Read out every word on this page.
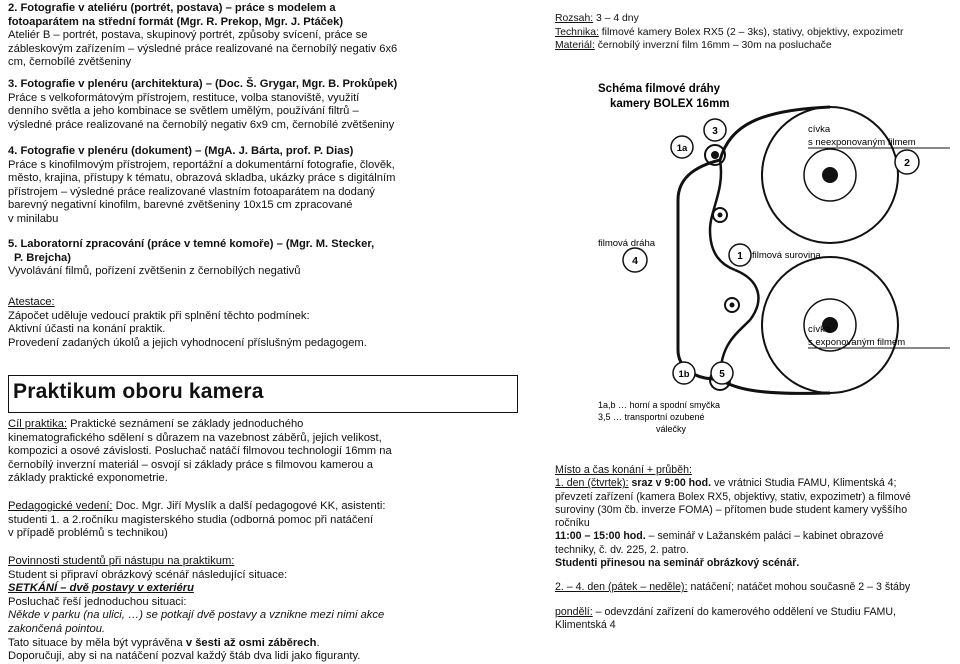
2. Fotografie v ateliéru (portrét, postava) – práce s modelem a

fotoaparátem na střední formát (Mgr. R. Prekop, Mgr. J. Ptáček)

Ateliér B – portrét, postava, skupinový portrét, způsoby svícení, práce se

zábleskovým zařízením – výsledné práce realizované na černobílý negativ 6x6

cm, černobílé zvětšeniny

3. Fotografie v plenéru (architektura) – (Doc. Š. Grygar, Mgr. B. Prokůpek)

Práce s velkoformátovým přístrojem, restituce, volba stanoviště, využití

denního světla a jeho kombinace se světlem umělým, používání filtrů –

výsledné práce realizované na černobílý negativ 6x9 cm, černobílé zvětšeniny

4. Fotografie v plenéru (dokument) – (MgA. J. Bárta, prof. P. Dias)

Práce s kinofilmovým přístrojem, reportážní a dokumentární fotografie, člověk,

město, krajina, přístupy k tématu, obrazová skladba, ukázky práce s digitálním

přístrojem – výsledné práce realizované vlastním fotoaparátem na dodaný

barevný negativní kinofilm, barevné zvětšeniny 10x15 cm zpracované

v minilabu

5. Laboratorní zpracování (práce v temné komoře) – (Mgr. M. Stecker,

P. Brejcha)

Vyvolávání filmů, pořízení zvětšenin z černobílých negativů

Atestace:

Zápočet uděluje vedoucí praktik při splnění těchto podmínek:

Aktivní účasti na konání praktik.

Provedení zadaných úkolů a jejich vyhodnocení příslušným pedagogem.

Praktikum oboru kamera

Cíl praktika: Praktické seznámení se základy jednoduchého

kinematografického sdělení s důrazem na vazebnost záběrů, jejich velikost,

kompozici a osové závislosti. Posluchač natáčí filmovou technologií 16mm na

černobílý inverzní materiál – osvojí si základy práce s filmovou kamerou a

základy praktické exponometrie.

Pedagogické vedení: Doc. Mgr. Jiří Myslík a další pedagogové KK, asistenti:

studenti 1. a 2.ročníku magisterského studia (odborná pomoc při natáčení

v případě problémů s technikou)

Povinnosti studentů při nástupu na praktikum:

Student si připraví obrázkový scénář následující situace:

SETKÁNÍ – dvě postavy v exteriéru

Posluchač řeší jednoduchou situaci:

Někde v parku (na ulici, …) se potkají dvě postavy a vznikne mezi nimi akce

zakončená pointou.

Tato situace by měla být vyprávěna v šesti až osmi záběrech.

Doporučuji, aby si na natáčení pozval každý štáb dva lidi jako figuranty.

Rozsah: 3 – 4 dny

Technika: filmové kamery Bolex RX5 (2 – 3ks), stativy, objektivy, expozimetr

Materiál: černobílý inverzní film 16mm – 30m na posluchače

Schéma filmové dráhy
kamery BOLEX 16mm
1a
3
2
4	1
1b	5
cívka
s neexponovaným filmem
filmová dráha
filmová surovina
cívka
s exponovaným filmem
1a,b … horní a spodní smyčka
3,5 … transportní ozubené
válečky

Místo a čas konání + průběh:

1. den (čtvrtek): sraz v 9:00 hod. ve vrátnici Studia FAMU, Klimentská 4;

převzetí zařízení (kamera Bolex RX5, objektivy, stativ, expozimetr) a filmové

suroviny (30m čb. inverze FOMA) – přítomen bude student kamery vyššího

ročníku

11:00 – 15:00 hod. – seminář v Lažanském paláci – kabinet obrazové

techniky, č. dv. 225, 2. patro.

Studenti přinesou na seminář obrázkový scénář.

2. – 4. den (pátek – neděle): natáčení; natáčet mohou současně 2 – 3 štáby

pondělí: – odevzdání zařízení do kamerového oddělení ve Studiu FAMU,

Klimentská 4
